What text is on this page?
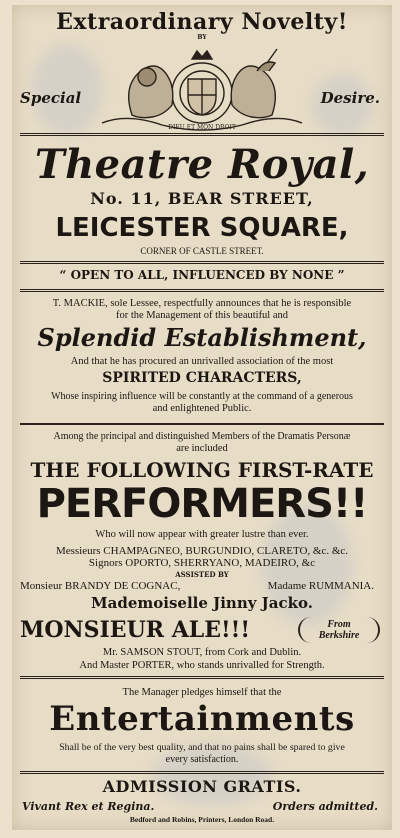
Extraordinary Novelty!
BY
Special	Desire.
DIEU ET MON DROIT
Theatre Royal,
No. 11, BEAR STREET,
LEICESTER SQUARE,
CORNER OF CASTLE STREET.
“ OPEN TO ALL, INFLUENCED BY NONE ”
T. MACKIE, sole Lessee, respectfully announces that he is responsible
for the Management of this beautiful and
Splendid Establishment,
And that he has procured an unrivalled association of the most
SPIRITED CHARACTERS,
Whose inspiring influence will be constantly at the command of a generous
and enlightened Public.
Among the principal and distinguished Members of the Dramatis Personæ
are included
THE FOLLOWING FIRST-RATE
PERFORMERS!!
Who will now appear with greater lustre than ever.
Messieurs CHAMPAGNEO, BURGUNDIO, CLARETO, &c. &c.
Signors OPORTO, SHERRYANO, MADEIRO, &c
ASSISTED BY
Monsieur BRANDY DE COGNAC,	Madame RUMMANIA.
Mademoiselle Jinny Jacko.
MONSIEUR ALE!!!	From
Berkshire
Mr. SAMSON STOUT, from Cork and Dublin.
And Master PORTER, who stands unrivalled for Strength.
The Manager pledges himself that the
Entertainments
Shall be of the very best quality, and that no pains shall be spared to give
every satisfaction.
ADMISSION GRATIS.
Vivant Rex et Regina.	Orders admitted.
Bedford and Robins, Printers, London Road.
